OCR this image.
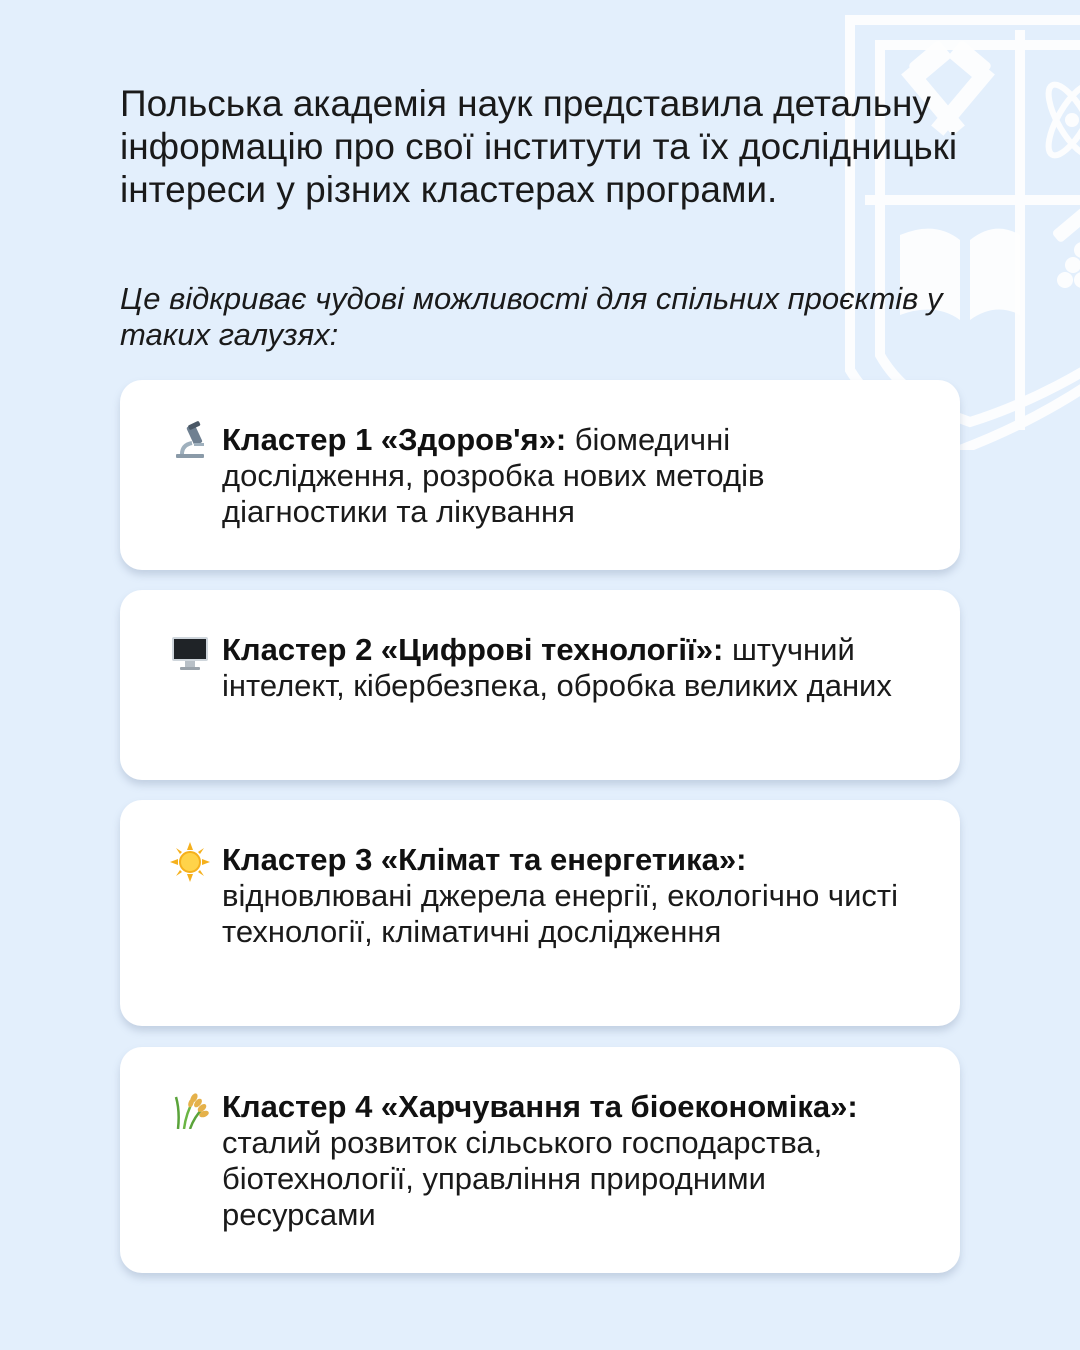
Польська академія наук представила детальну інформацію про свої інститути та їх дослідницькі інтереси у різних кластерах програми.

Це відкриває чудові можливості для спільних проєктів у таких галузях:

Кластер 1 «Здоров'я»: біомедичні дослідження, розробка нових методів діагностики та лікування

Кластер 2 «Цифрові технології»: штучний інтелект, кібербезпека, обробка великих даних

Кластер 3 «Клімат та енергетика»: відновлювані джерела енергії, екологічно чисті технології, кліматичні дослідження

Кластер 4 «Харчування та біоекономіка»: сталий розвиток сільського господарства, біотехнології, управління природними ресурсами
